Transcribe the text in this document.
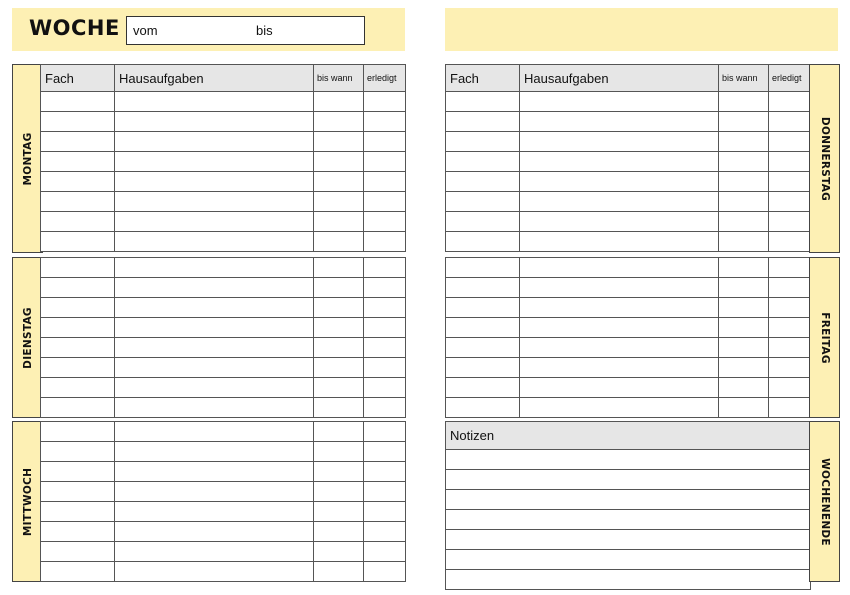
WOCHE vom	bis
MONTAG
Fach	Hausaufgaben	bis wann	erledigt

DIENSTAG

MITTWOCH

Fach	Hausaufgaben	bis wann	erledigt

DONNERSTAG

FREITAG
Notizen

WOCHENENDE
